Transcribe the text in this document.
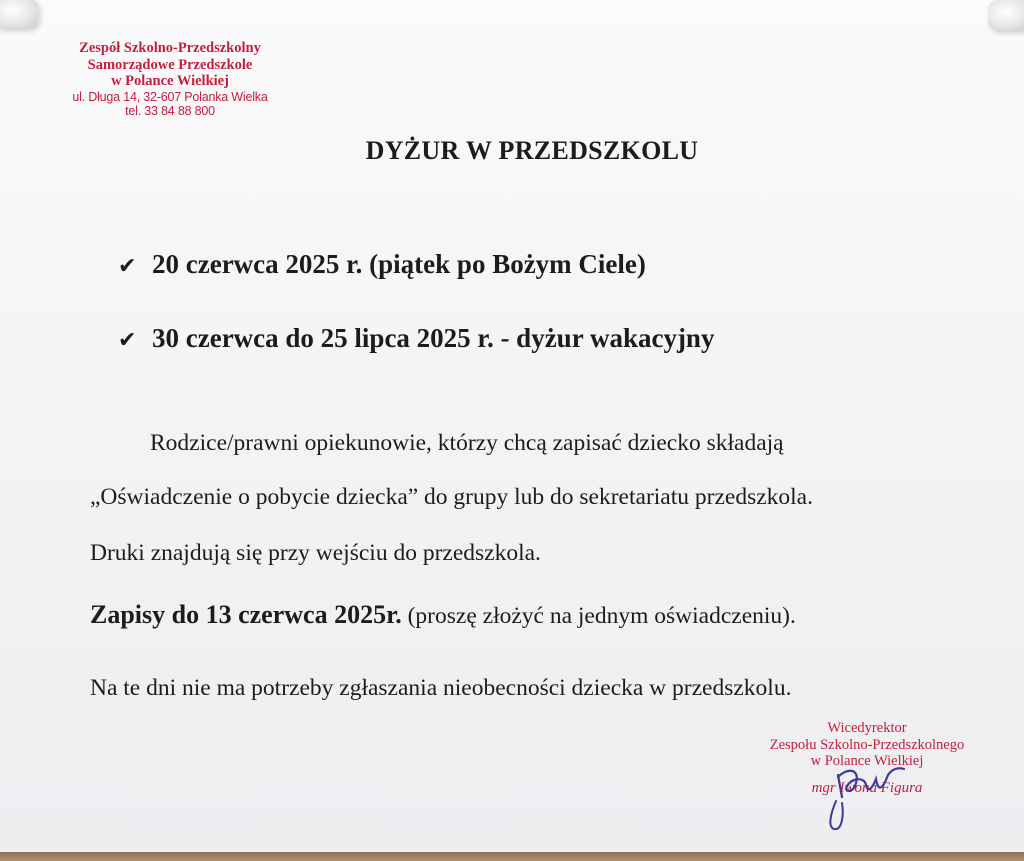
Zespół Szkolno-Przedszkolny
Samorządowe Przedszkole
w Polance Wielkiej
ul. Długa 14, 32-607 Polanka Wielka
tel. 33 84 88 800
DYŻUR W PRZEDSZKOLU
✔ 20 czerwca 2025 r. (piątek po Bożym Ciele)
✔ 30 czerwca do 25 lipca 2025 r. - dyżur wakacyjny
Rodzice/prawni opiekunowie, którzy chcą zapisać dziecko składają
„Oświadczenie o pobycie dziecka” do grupy lub do sekretariatu przedszkola.
Druki znajdują się przy wejściu do przedszkola.
Zapisy do 13 czerwca 2025r. (proszę złożyć na jednym oświadczeniu).
Na te dni nie ma potrzeby zgłaszania nieobecności dziecka w przedszkolu.
Wicedyrektor
Zespołu Szkolno-Przedszkolnego
w Polance Wielkiej
mgr Iwona Figura
